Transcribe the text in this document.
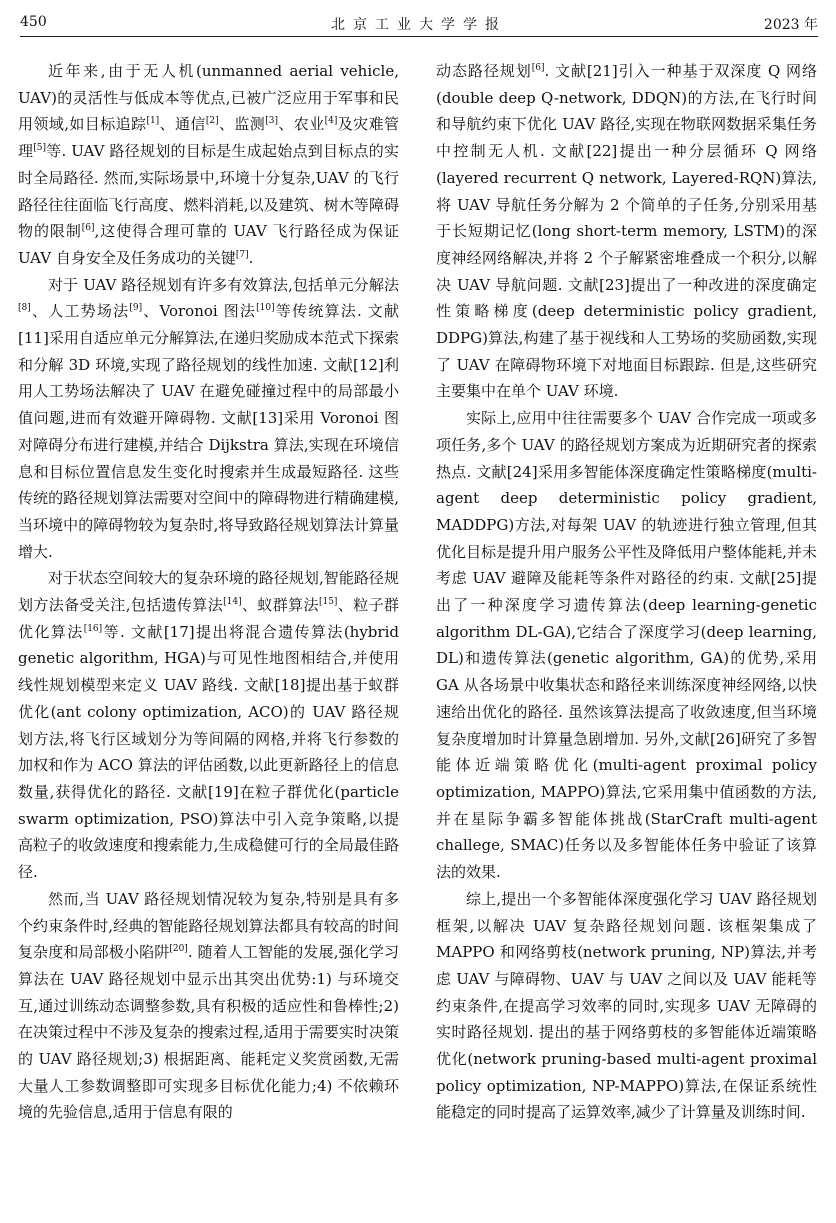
450	北京工业大学学报	2023 年

近年来,由于无人机(unmanned aerial vehicle, UAV)的灵活性与低成本等优点,已被广泛应用于军事和民用领域,如目标追踪[1]、通信[2]、监测[3]、农业[4]及灾难管理[5]等. UAV 路径规划的目标是生成起始点到目标点的实时全局路径. 然而,实际场景中,环境十分复杂,UAV 的飞行路径往往面临飞行高度、燃料消耗,以及建筑、树木等障碍物的限制[6],这使得合理可靠的 UAV 飞行路径成为保证 UAV 自身安全及任务成功的关键[7].

对于 UAV 路径规划有许多有效算法,包括单元分解法[8]、人工势场法[9]、Voronoi 图法[10]等传统算法. 文献[11]采用自适应单元分解算法,在递归奖励成本范式下探索和分解 3D 环境,实现了路径规划的线性加速. 文献[12]利用人工势场法解决了 UAV 在避免碰撞过程中的局部最小值问题,进而有效避开障碍物. 文献[13]采用 Voronoi 图对障碍分布进行建模,并结合 Dijkstra 算法,实现在环境信息和目标位置信息发生变化时搜索并生成最短路径. 这些传统的路径规划算法需要对空间中的障碍物进行精确建模,当环境中的障碍物较为复杂时,将导致路径规划算法计算量增大.

对于状态空间较大的复杂环境的路径规划,智能路径规划方法备受关注,包括遗传算法[14]、蚁群算法[15]、粒子群优化算法[16]等. 文献[17]提出将混合遗传算法(hybrid genetic algorithm, HGA)与可见性地图相结合,并使用线性规划模型来定义 UAV 路线. 文献[18]提出基于蚁群优化(ant colony optimization, ACO)的 UAV 路径规划方法,将飞行区域划分为等间隔的网格,并将飞行参数的加权和作为 ACO 算法的评估函数,以此更新路径上的信息数量,获得优化的路径. 文献[19]在粒子群优化(particle swarm optimization, PSO)算法中引入竞争策略,以提高粒子的收敛速度和搜索能力,生成稳健可行的全局最佳路径.

然而,当 UAV 路径规划情况较为复杂,特别是具有多个约束条件时,经典的智能路径规划算法都具有较高的时间复杂度和局部极小陷阱[20]. 随着人工智能的发展,强化学习算法在 UAV 路径规划中显示出其突出优势:1) 与环境交互,通过训练动态调整参数,具有积极的适应性和鲁棒性;2) 在决策过程中不涉及复杂的搜索过程,适用于需要实时决策的 UAV 路径规划;3) 根据距离、能耗定义奖赏函数,无需大量人工参数调整即可实现多目标优化能力;4) 不依赖环境的先验信息,适用于信息有限的

动态路径规划[6]. 文献[21]引入一种基于双深度 Q 网络(double deep Q-network, DDQN)的方法,在飞行时间和导航约束下优化 UAV 路径,实现在物联网数据采集任务中控制无人机. 文献[22]提出一种分层循环 Q 网络(layered recurrent Q network, Layered-RQN)算法,将 UAV 导航任务分解为 2 个简单的子任务,分别采用基于长短期记忆(long short-term memory, LSTM)的深度神经网络解决,并将 2 个子解紧密堆叠成一个积分,以解决 UAV 导航问题. 文献[23]提出了一种改进的深度确定性策略梯度(deep deterministic policy gradient, DDPG)算法,构建了基于视线和人工势场的奖励函数,实现了 UAV 在障碍物环境下对地面目标跟踪. 但是,这些研究主要集中在单个 UAV 环境.

实际上,应用中往往需要多个 UAV 合作完成一项或多项任务,多个 UAV 的路径规划方案成为近期研究者的探索热点. 文献[24]采用多智能体深度确定性策略梯度(multi-agent deep deterministic policy gradient, MADDPG)方法,对每架 UAV 的轨迹进行独立管理,但其优化目标是提升用户服务公平性及降低用户整体能耗,并未考虑 UAV 避障及能耗等条件对路径的约束. 文献[25]提出了一种深度学习遗传算法(deep learning-genetic algorithm DL-GA),它结合了深度学习(deep learning, DL)和遗传算法(genetic algorithm, GA)的优势,采用 GA 从各场景中收集状态和路径来训练深度神经网络,以快速给出优化的路径. 虽然该算法提高了收敛速度,但当环境复杂度增加时计算量急剧增加. 另外,文献[26]研究了多智能体近端策略优化(multi-agent proximal policy optimization, MAPPO)算法,它采用集中值函数的方法,并在星际争霸多智能体挑战(StarCraft multi-agent challege, SMAC)任务以及多智能体任务中验证了该算法的效果.

综上,提出一个多智能体深度强化学习 UAV 路径规划框架,以解决 UAV 复杂路径规划问题. 该框架集成了 MAPPO 和网络剪枝(network pruning, NP)算法,并考虑 UAV 与障碍物、UAV 与 UAV 之间以及 UAV 能耗等约束条件,在提高学习效率的同时,实现多 UAV 无障碍的实时路径规划. 提出的基于网络剪枝的多智能体近端策略优化(network pruning-based multi-agent proximal policy optimization, NP-MAPPO)算法,在保证系统性能稳定的同时提高了运算效率,减少了计算量及训练时间.
